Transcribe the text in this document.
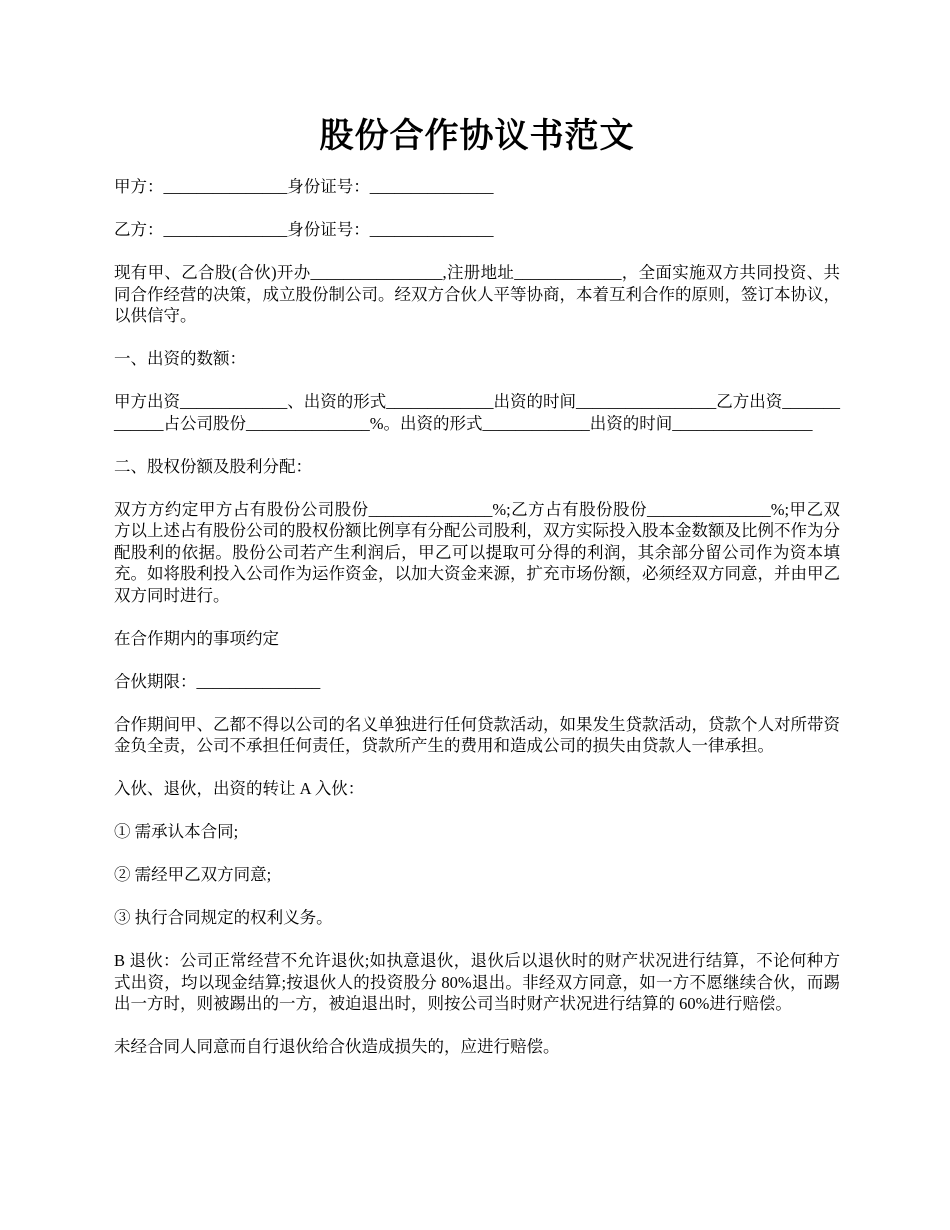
股份合作协议书范文

甲方：_______________身份证号：_______________

乙方：_______________身份证号：_______________

现有甲、乙合股(合伙)开办________________,注册地址_____________，全面实施双方共同投资、共同合作经营的决策，成立股份制公司。经双方合伙人平等协商，本着互利合作的原则，签订本协议，以供信守。

一、出资的数额：

甲方出资_____________、出资的形式_____________出资的时间_________________乙方出资_____________占公司股份_______________%。出资的形式_____________出资的时间_________________

二、股权份额及股利分配：

双方方约定甲方占有股份公司股份_______________%;乙方占有股份股份_______________%;甲乙双方以上述占有股份公司的股权份额比例享有分配公司股利，双方实际投入股本金数额及比例不作为分配股利的依据。股份公司若产生利润后，甲乙可以提取可分得的利润，其余部分留公司作为资本填充。如将股利投入公司作为运作资金，以加大资金来源，扩充市场份额，必须经双方同意，并由甲乙双方同时进行。

在合作期内的事项约定

合伙期限：_______________

合作期间甲、乙都不得以公司的名义单独进行任何贷款活动，如果发生贷款活动，贷款个人对所带资金负全责，公司不承担任何责任，贷款所产生的费用和造成公司的损失由贷款人一律承担。

入伙、退伙，出资的转让 A 入伙：

① 需承认本合同;

② 需经甲乙双方同意;

③ 执行合同规定的权利义务。

B 退伙：公司正常经营不允许退伙;如执意退伙，退伙后以退伙时的财产状况进行结算，不论何种方式出资，均以现金结算;按退伙人的投资股分 80%退出。非经双方同意，如一方不愿继续合伙，而踢出一方时，则被踢出的一方，被迫退出时，则按公司当时财产状况进行结算的 60%进行赔偿。

未经合同人同意而自行退伙给合伙造成损失的，应进行赔偿。
